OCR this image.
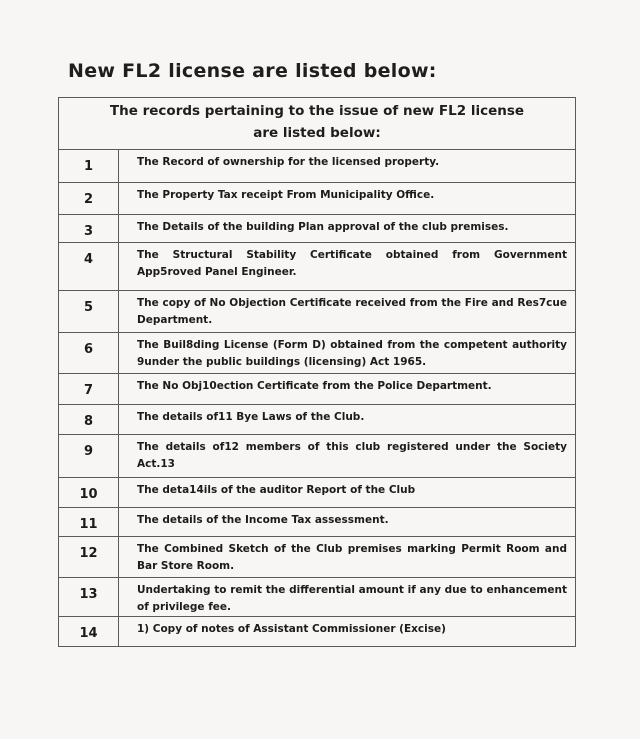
New FL2 license are listed below:
The records pertaining to the issue of new FL2 license
are listed below:	

1	The Record of ownership for the licensed property.

2	The Property Tax receipt From Municipality Office.

3	The Details of the building Plan approval of the club premises.

4	The Structural Stability Certificate obtained from Government App5roved Panel Engineer.

5	The copy of No Objection Certificate received from the Fire and Res7cue Department.

6	The Buil8ding License (Form D) obtained from the competent authority 9under the public buildings (licensing) Act 1965.

7	The No Obj10ection Certificate from the Police Department.

8	The details of11 Bye Laws of the Club.

9	The details of12 members of this club registered under the Society Act.13

10	The deta14ils of the auditor Report of the Club

11	The details of the Income Tax assessment.

12	The Combined Sketch of the Club premises marking Permit Room and Bar Store Room.

13	Undertaking to remit the differential amount if any due to enhancement of privilege fee.

14	1) Copy of notes of Assistant Commissioner (Excise)
